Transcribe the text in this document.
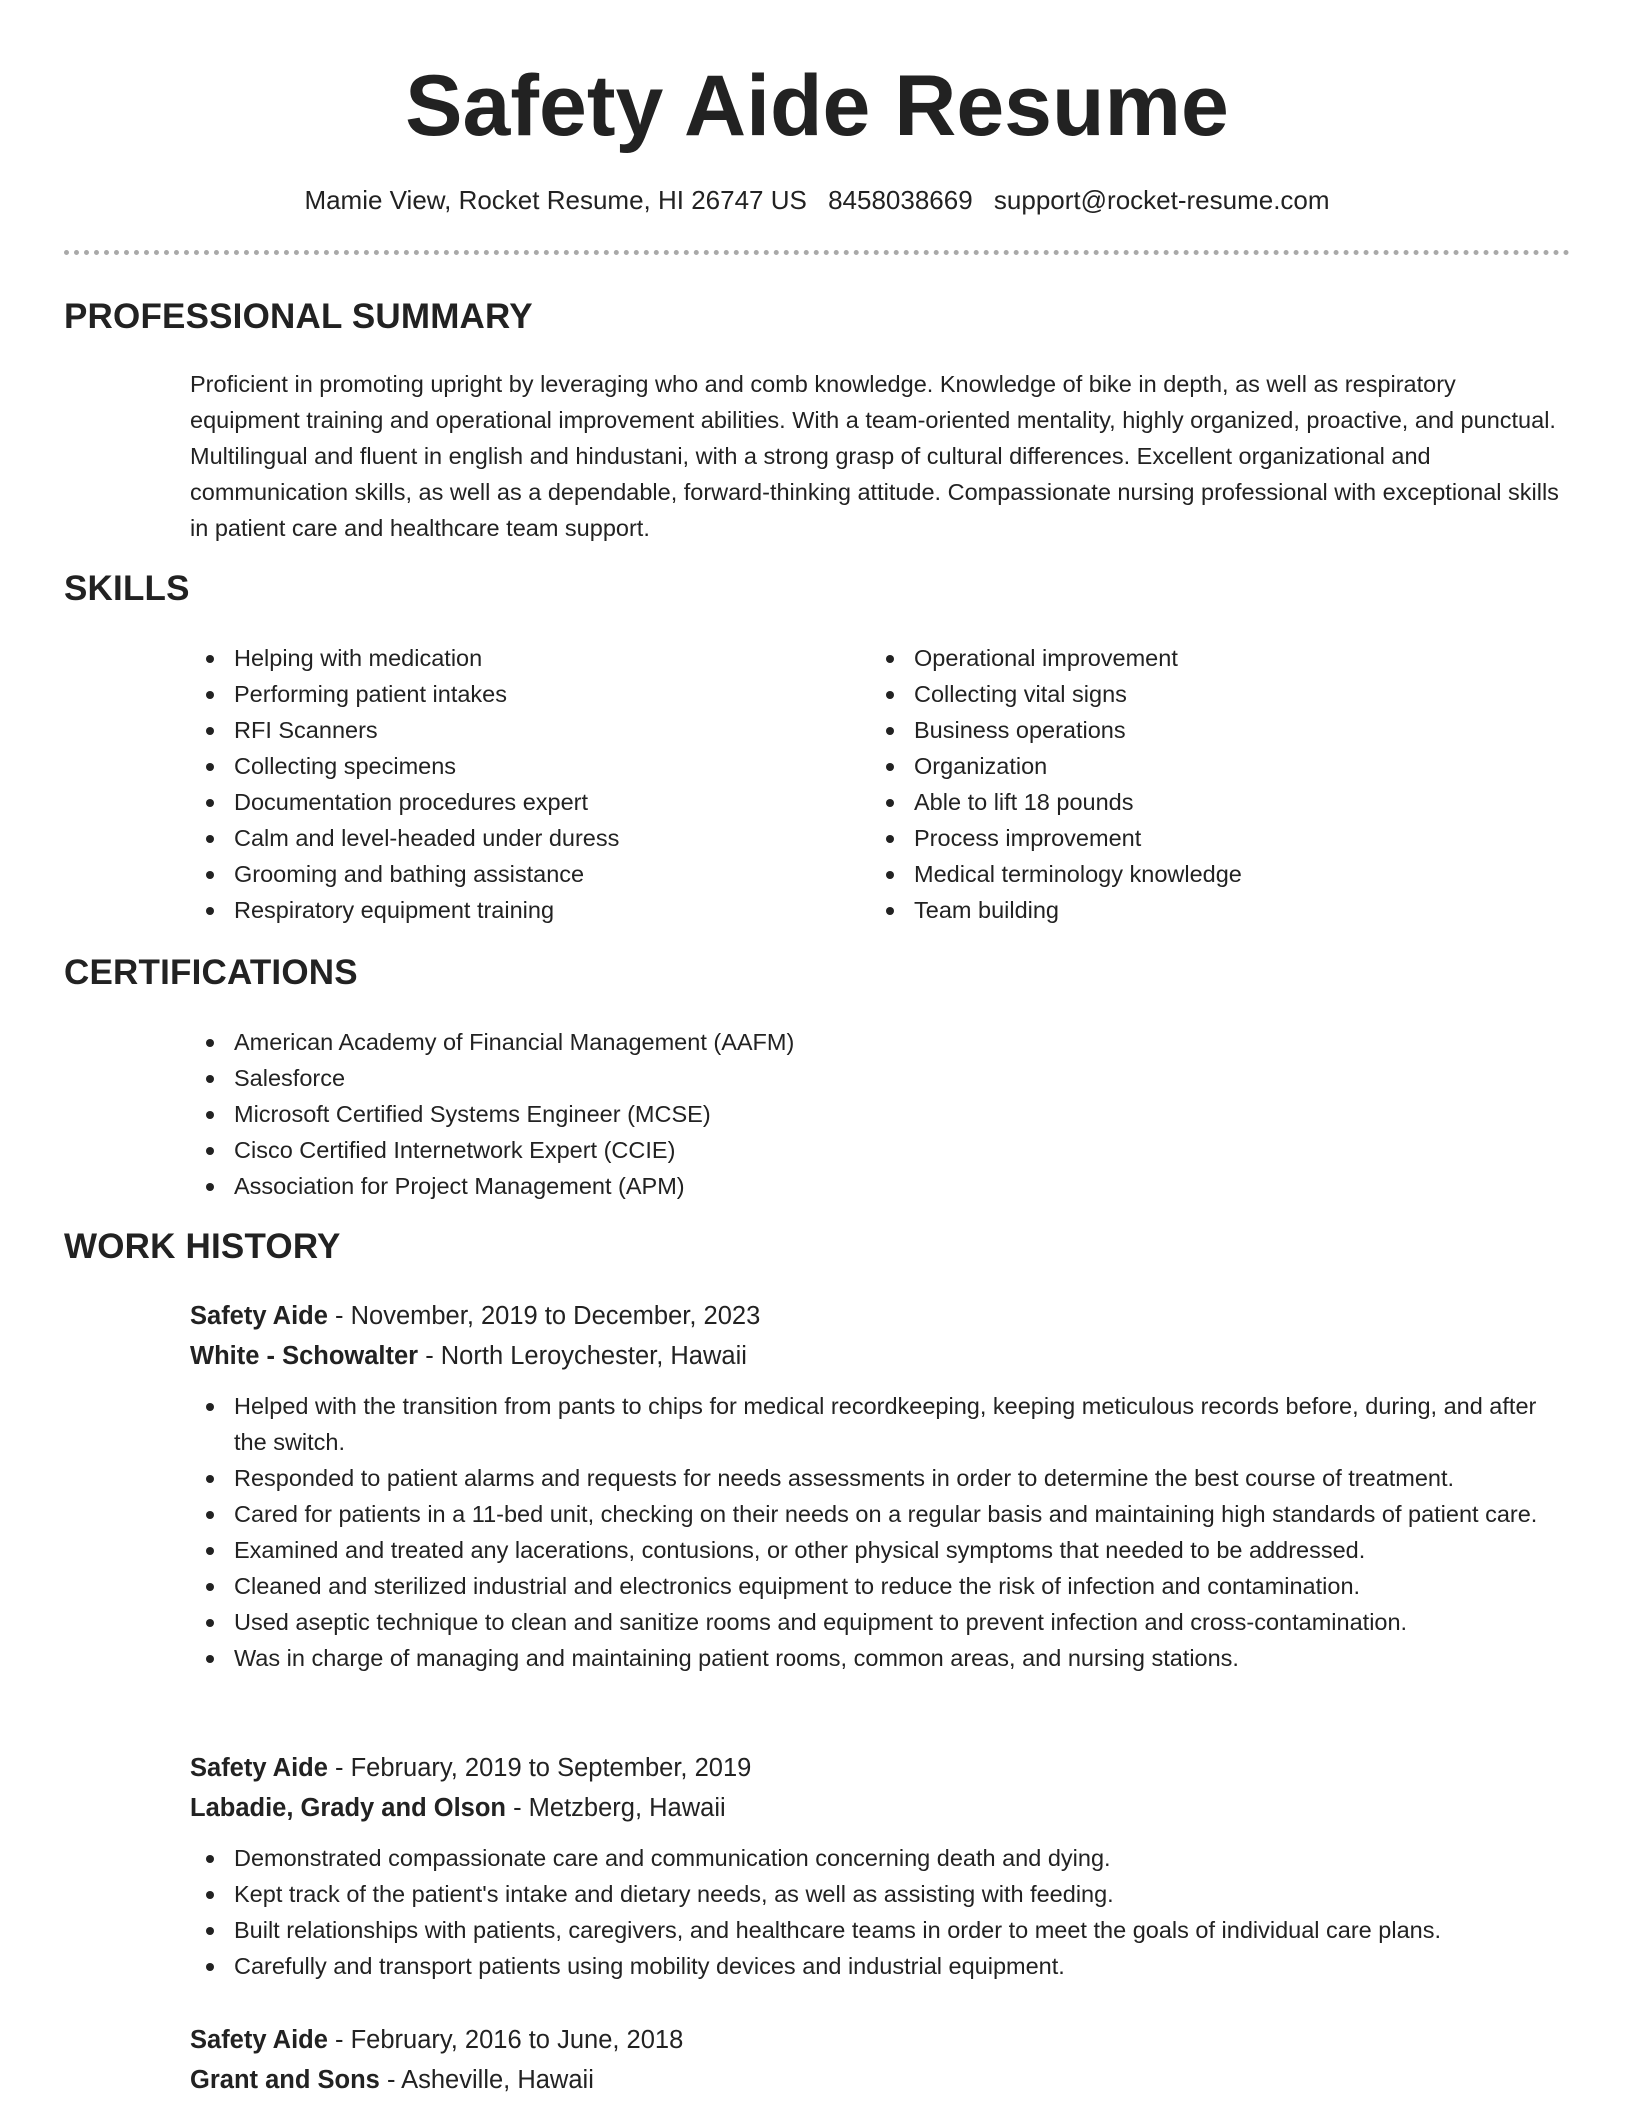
Safety Aide Resume
Mamie View, Rocket Resume, HI 26747 US 8458038669 support@rocket-resume.com
PROFESSIONAL SUMMARY
Proficient in promoting upright by leveraging who and comb knowledge. Knowledge of bike in depth, as well as respiratory equipment training and operational improvement abilities. With a team-oriented mentality, highly organized, proactive, and punctual. Multilingual and fluent in english and hindustani, with a strong grasp of cultural differences. Excellent organizational and communication skills, as well as a dependable, forward-thinking attitude. Compassionate nursing professional with exceptional skills in patient care and healthcare team support.
SKILLS
Helping with medication
Performing patient intakes
RFI Scanners
Collecting specimens
Documentation procedures expert
Calm and level-headed under duress
Grooming and bathing assistance
Respiratory equipment training
Operational improvement
Collecting vital signs
Business operations
Organization
Able to lift 18 pounds
Process improvement
Medical terminology knowledge
Team building
CERTIFICATIONS
American Academy of Financial Management (AAFM)
Salesforce
Microsoft Certified Systems Engineer (MCSE)
Cisco Certified Internetwork Expert (CCIE)
Association for Project Management (APM)
WORK HISTORY
Safety Aide - November, 2019 to December, 2023
White - Schowalter - North Leroychester, Hawaii
Helped with the transition from pants to chips for medical recordkeeping, keeping meticulous records before, during, and after the switch.
Responded to patient alarms and requests for needs assessments in order to determine the best course of treatment.
Cared for patients in a 11-bed unit, checking on their needs on a regular basis and maintaining high standards of patient care.
Examined and treated any lacerations, contusions, or other physical symptoms that needed to be addressed.
Cleaned and sterilized industrial and electronics equipment to reduce the risk of infection and contamination.
Used aseptic technique to clean and sanitize rooms and equipment to prevent infection and cross-contamination.
Was in charge of managing and maintaining patient rooms, common areas, and nursing stations.
Safety Aide - February, 2019 to September, 2019
Labadie, Grady and Olson - Metzberg, Hawaii
Demonstrated compassionate care and communication concerning death and dying.
Kept track of the patient's intake and dietary needs, as well as assisting with feeding.
Built relationships with patients, caregivers, and healthcare teams in order to meet the goals of individual care plans.
Carefully and transport patients using mobility devices and industrial equipment.
Safety Aide - February, 2016 to June, 2018
Grant and Sons - Asheville, Hawaii
